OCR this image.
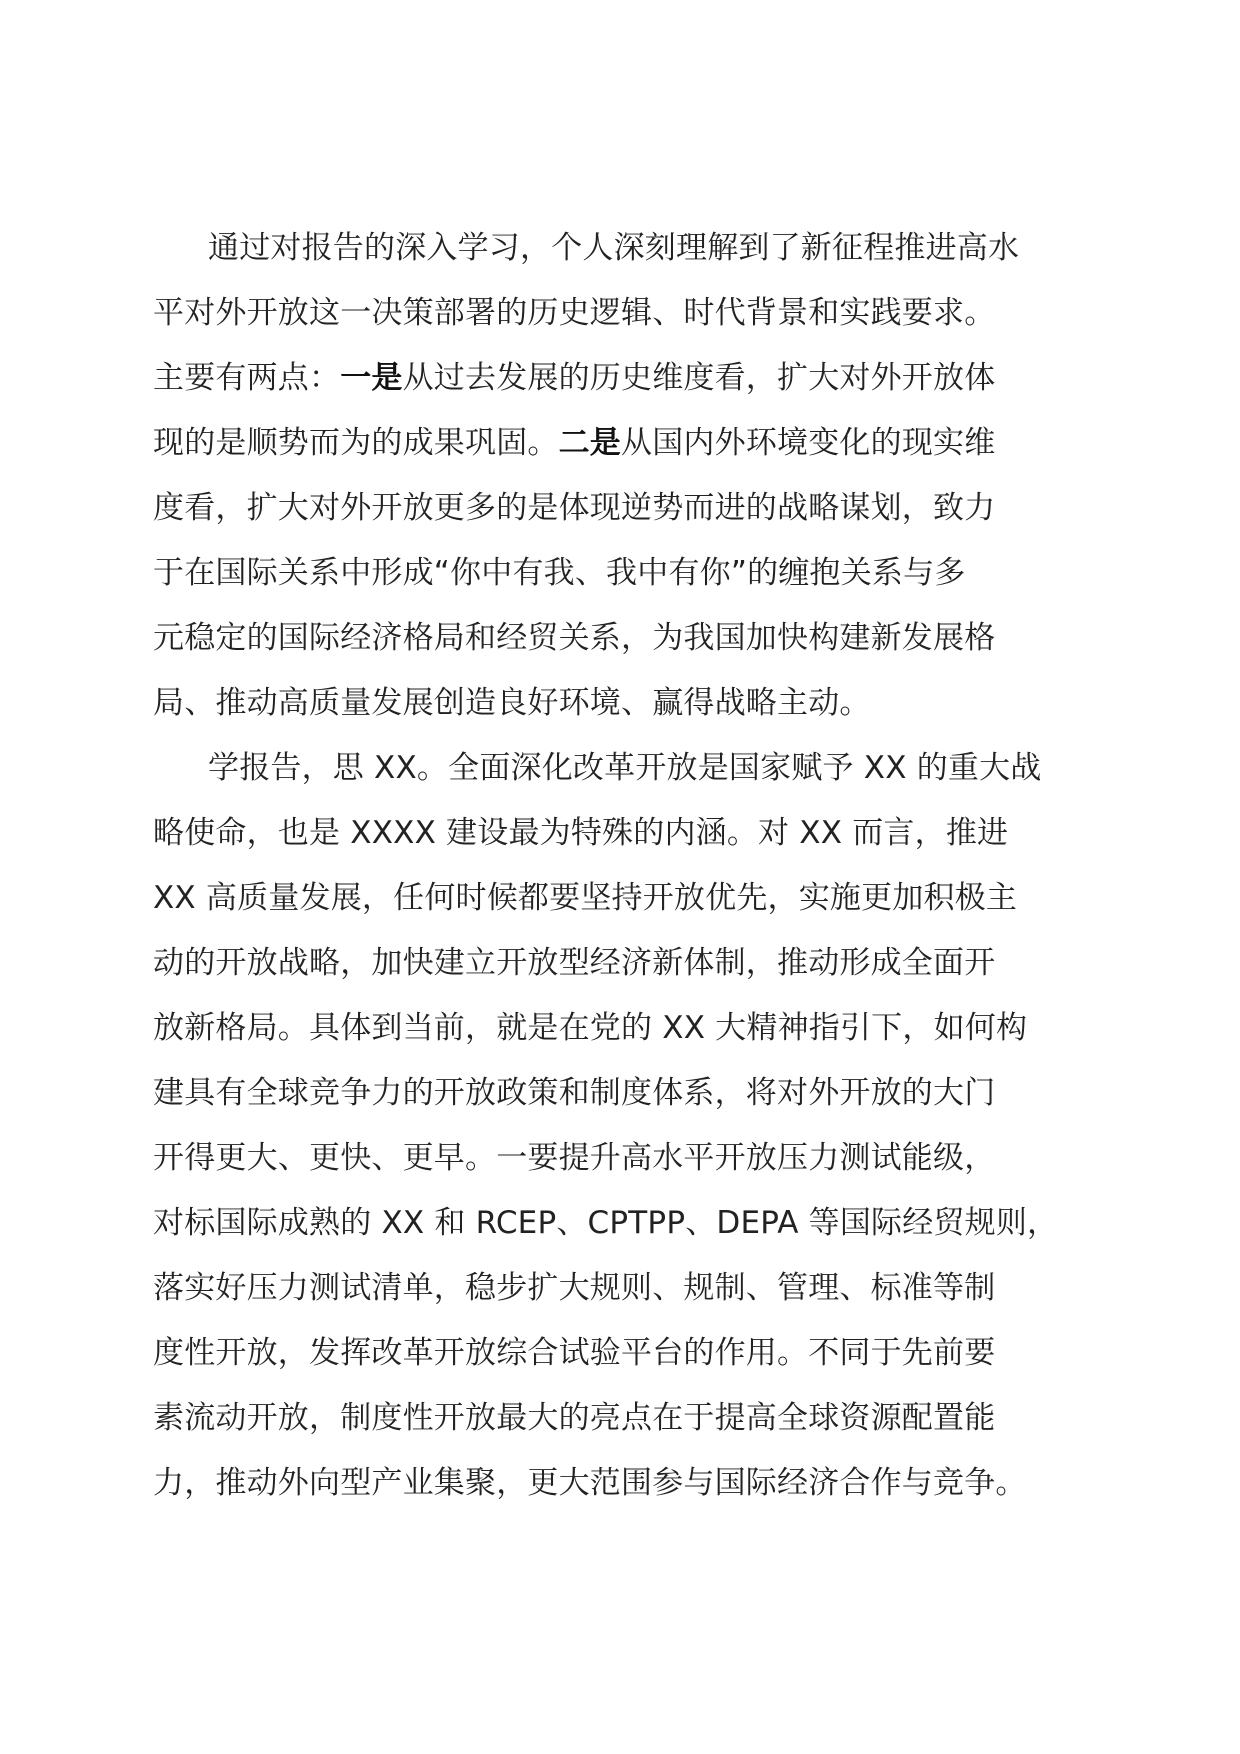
通过对报告的深入学习，个人深刻理解到了新征程推进高水
平对外开放这一决策部署的历史逻辑、时代背景和实践要求。
主要有两点：一是从过去发展的历史维度看，扩大对外开放体
现的是顺势而为的成果巩固。二是从国内外环境变化的现实维
度看，扩大对外开放更多的是体现逆势而进的战略谋划，致力
于在国际关系中形成“你中有我、我中有你”的缠抱关系与多
元稳定的国际经济格局和经贸关系，为我国加快构建新发展格
局、推动高质量发展创造良好环境、赢得战略主动。
学报告，思 XX。全面深化改革开放是国家赋予 XX 的重大战
略使命，也是 XXXX 建设最为特殊的内涵。对 XX 而言，推进
XX 高质量发展，任何时候都要坚持开放优先，实施更加积极主
动的开放战略，加快建立开放型经济新体制，推动形成全面开
放新格局。具体到当前，就是在党的 XX 大精神指引下，如何构
建具有全球竞争力的开放政策和制度体系，将对外开放的大门
开得更大、更快、更早。一要提升高水平开放压力测试能级，
对标国际成熟的 XX 和 RCEP、CPTPP、DEPA 等国际经贸规则，
落实好压力测试清单，稳步扩大规则、规制、管理、标准等制
度性开放，发挥改革开放综合试验平台的作用。不同于先前要
素流动开放，制度性开放最大的亮点在于提高全球资源配置能
力，推动外向型产业集聚，更大范围参与国际经济合作与竞争。
